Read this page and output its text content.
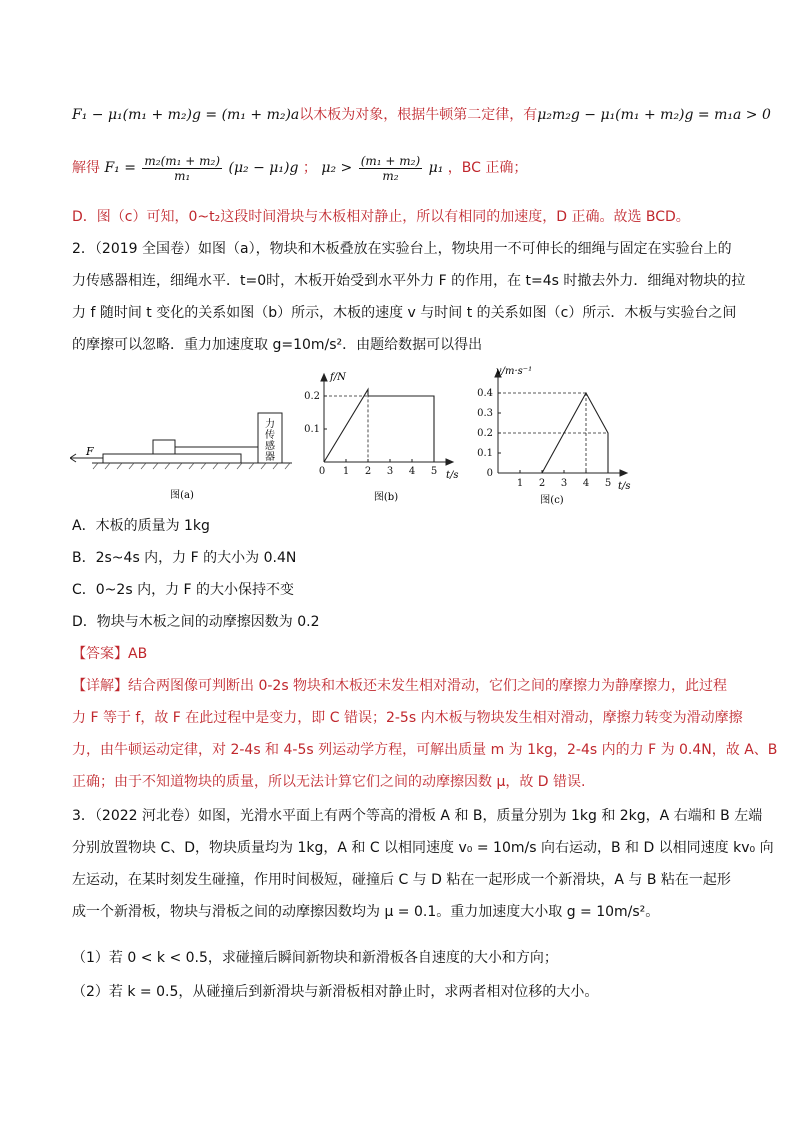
F₁ − μ₁(m₁ + m₂)g = (m₁ + m₂)a以木板为对象，根据牛顿第二定律，有μ₂m₂g − μ₁(m₁ + m₂)g = m₁a > 0
解得 $F_1 = \frac{\text{m₂(m₁ + m₂)}}{\text{m₁}} (\mu_2 - \mu_1)g$ ； $\mu_2 > \frac{\text{(m₁ + m₂)}}{\text{m₂}} \mu_1$ ，BC 正确；
D．图（c）可知，0~t₂这段时间滑块与木板相对静止，所以有相同的加速度，D 正确。故选 BCD。
2．（2019 全国卷）如图（a），物块和木板叠放在实验台上，物块用一不可伸长的细绳与固定在实验台上的
力传感器相连，细绳水平．t=0时，木板开始受到水平外力 F 的作用，在 t=4s 时撤去外力．细绳对物块的拉
力 f 随时间 t 变化的关系如图（b）所示，木板的速度 v 与时间 t 的关系如图（c）所示．木板与实验台之间
的摩擦可以忽略．重力加速度取 g=10m/s²．由题给数据可以得出
力
传
感
器
F
图(a)
0 1 2 3 4 5
0.2
0.1
f/N
t/s
图(b)
1 2 3 4 5
0.4
0.3
0.2
0.1
0
v/m·s⁻¹
t/s
图(c)
A．木板的质量为 1kg
B．2s~4s 内，力 F 的大小为 0.4N
C．0~2s 内，力 F 的大小保持不变
D．物块与木板之间的动摩擦因数为 0.2
【答案】AB
【详解】结合两图像可判断出 0-2s 物块和木板还未发生相对滑动，它们之间的摩擦力为静摩擦力，此过程
力 F 等于 f，故 F 在此过程中是变力，即 C 错误；2-5s 内木板与物块发生相对滑动，摩擦力转变为滑动摩擦
力，由牛顿运动定律，对 2-4s 和 4-5s 列运动学方程，可解出质量 m 为 1kg，2-4s 内的力 F 为 0.4N，故 A、B
正确；由于不知道物块的质量，所以无法计算它们之间的动摩擦因数 μ，故 D 错误.
3．（2022 河北卷）如图，光滑水平面上有两个等高的滑板 A 和 B，质量分别为 1kg 和 2kg，A 右端和 B 左端
分别放置物块 C、D，物块质量均为 1kg，A 和 C 以相同速度 v₀ = 10m/s 向右运动，B 和 D 以相同速度 kv₀ 向
左运动，在某时刻发生碰撞，作用时间极短，碰撞后 C 与 D 粘在一起形成一个新滑块，A 与 B 粘在一起形
成一个新滑板，物块与滑板之间的动摩擦因数均为 μ = 0.1。重力加速度大小取 g = 10m/s²。
（1）若 0 < k < 0.5，求碰撞后瞬间新物块和新滑板各自速度的大小和方向；
（2）若 k = 0.5，从碰撞后到新滑块与新滑板相对静止时，求两者相对位移的大小。
